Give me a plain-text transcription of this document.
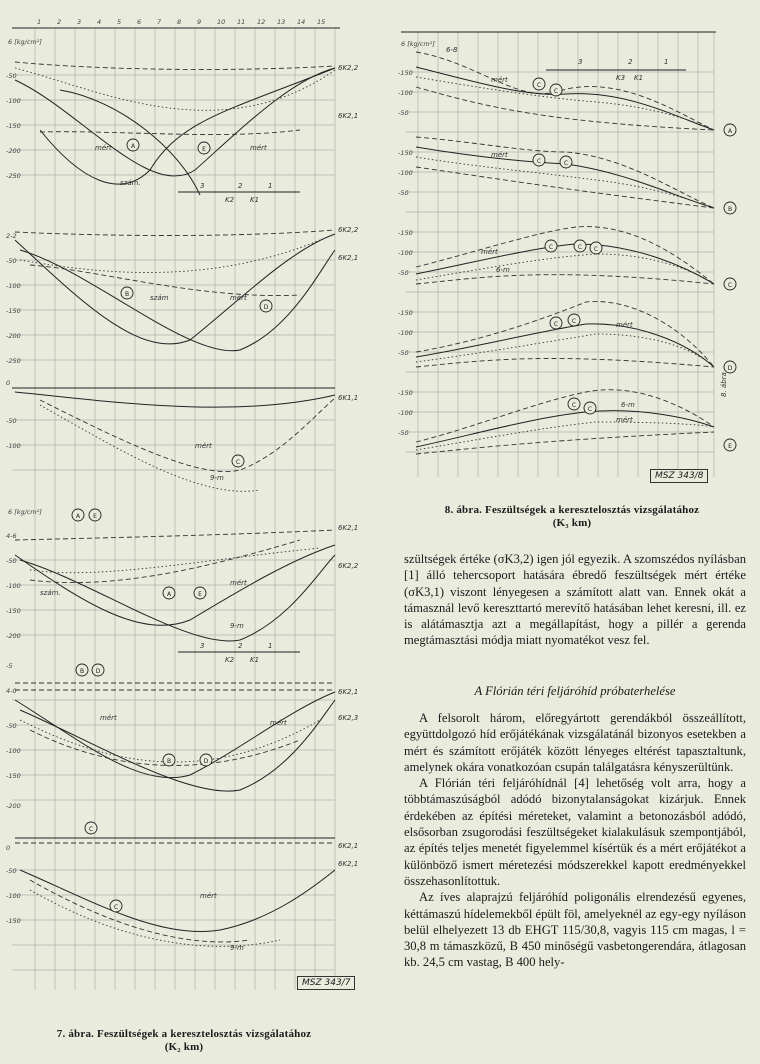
1 2 3 4 5 6 7 8 9 10 11 12 13 14 15
6 [kg/cm²]
-50
-100
-150
-200
-250
2-2
-50
-100
-150
-200
-250
0
-50
-100
4-6
-50
-100
-150
-200
-5
4-0
-50
-100
-150
-200
0
-50
-100
-150
A	E
mért	mért
szám.	3	2	1
K2 K1
6K2,2
6K2,1
B
D
mért
szám
6K2,2
6K2,1
C
mért
9-m
6K1,1
6 [kg/cm²]
A E
A	E
szám.
mért
9-m
3	2	1
K2 K1
6K2,1
6K2,2
B D
B	D
mért
mért
6K2,1
6K2,3
C
C
mért
9-m
6K2,1
6K2,1
MSZ 343/7
7. ábra. Feszültségek a keresztelosztás vizsgálatához
(K₂ km)
6 [kg/cm²]
-150
-100
-50
-150
-100
-50
-150
-100
-50
-150
-100
-50
-150
-100
-50
3	2	1
K3 K1
C
C
A
6-8
mért
C	C
B
mért
C	C C
C
mért
6-m
C C
D
mért
C
C
E
mért
6-m
8. ábra
MSZ 343/8
8. ábra. Feszültségek a keresztelosztás vizsgálatához
(K₃ km)

szültségek értéke (σK3,2) igen jól egyezik. A szomszédos nyílásban [1] álló tehercsoport hatására ébredő feszültségek mért értéke (σK3,1) viszont lényegesen a számított alatt van. Ennek okát a támasznál levő kereszttartó merevítő hatásában lehet keresni, ill. ez is alátámasztja azt a megállapítást, hogy a pillér a gerenda megtámasztási módja miatt nyomatékot vesz fel.

A Flórián téri feljáróhíd próbaterhelése

A felsorolt három, előregyártott gerendákból összeállított, együttdolgozó híd erőjátékának vizsgálatánál bizonyos esetekben a mért és számított erőjáték között lényeges eltérést tapasztaltunk, amelynek okára vonatkozóan csupán találgatásra kényszerültünk.

A Flórián téri feljáróhídnál [4] lehetőség volt arra, hogy a többtámaszúságból adódó bizonytalanságokat kizárjuk. Ennek érdekében az építési méreteket, valamint a betonozásból adódó, elsősorban zsugorodási feszültségeket kialakulásuk szempontjából, az építés teljes menetét figyelemmel kísértük és a mért erőjátékot a különböző ismert méretezési módszerekkel kapott eredményekkel összehasonlítottuk.

Az íves alaprajzú feljáróhíd poligonális elrendezésű egyenes, kéttámaszú hídelemekből épült föl, amelyeknél az egy-egy nyíláson belül elhelyezett 13 db EHGT 115/30,8, vagyis 115 cm magas, l = 30,8 m támaszközű, B 450 minőségű vasbetongerendára, átlagosan kb. 24,5 cm vastag, B 400 hely-
